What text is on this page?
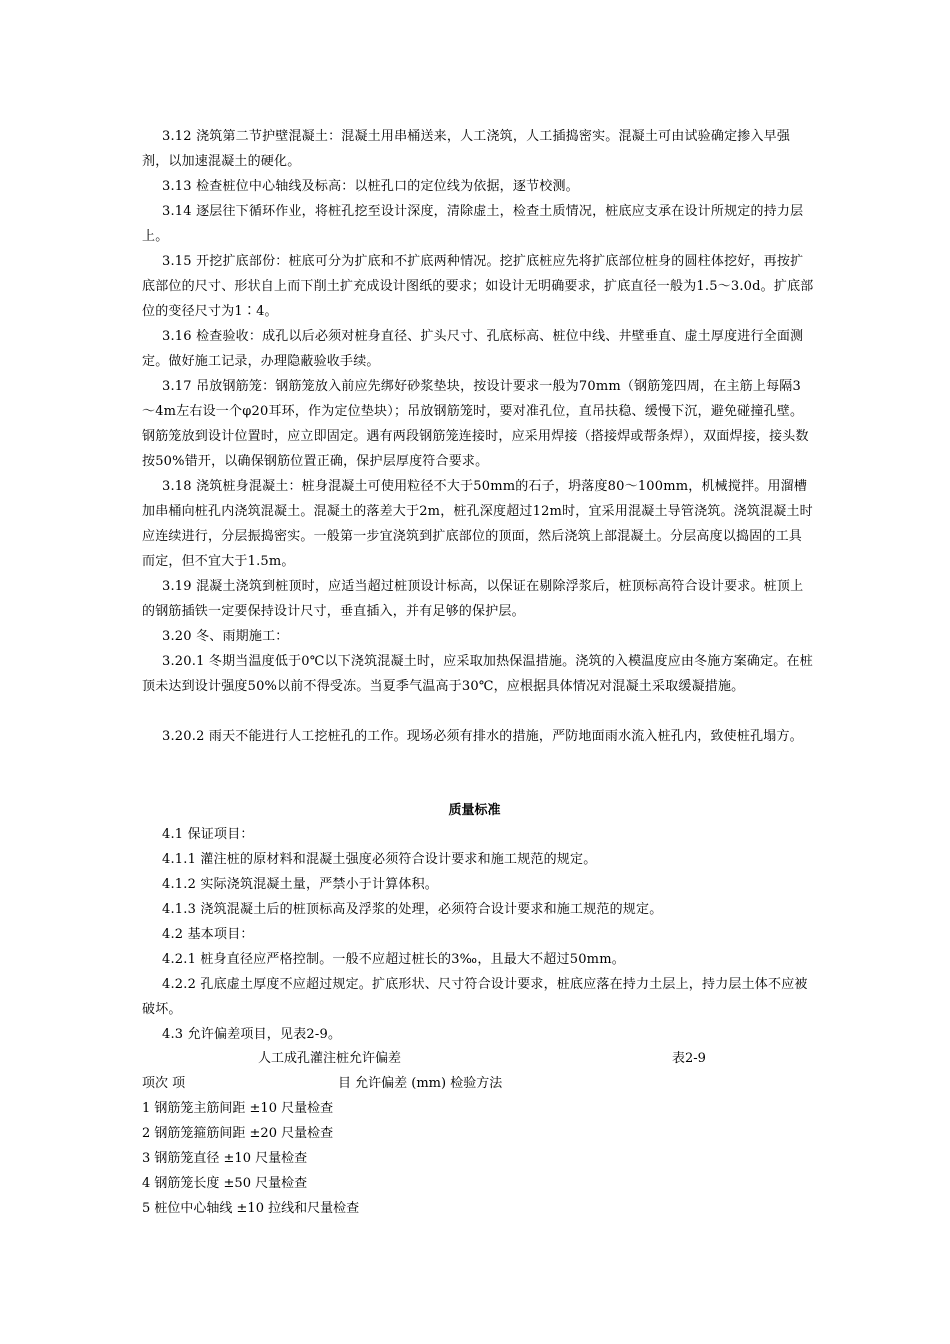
3.12 浇筑第二节护壁混凝土：混凝土用串桶送来，人工浇筑，人工插捣密实。混凝土可由试验确定掺入早强剂，以加速混凝土的硬化。

3.13 检查桩位中心轴线及标高：以桩孔口的定位线为依据，逐节校测。

3.14 逐层往下循环作业，将桩孔挖至设计深度，清除虚土，检查土质情况，桩底应支承在设计所规定的持力层上。

3.15 开挖扩底部份：桩底可分为扩底和不扩底两种情况。挖扩底桩应先将扩底部位桩身的圆柱体挖好，再按扩底部位的尺寸、形状自上而下削土扩充成设计图纸的要求；如设计无明确要求，扩底直径一般为1.5～3.0d。扩底部位的变径尺寸为1∶4。

3.16 检查验收：成孔以后必须对桩身直径、扩头尺寸、孔底标高、桩位中线、井壁垂直、虚土厚度进行全面测定。做好施工记录，办理隐蔽验收手续。

3.17 吊放钢筋笼：钢筋笼放入前应先绑好砂浆垫块，按设计要求一般为70mm（钢筋笼四周，在主筋上每隔3～4m左右设一个φ20耳环，作为定位垫块）；吊放钢筋笼时，要对准孔位，直吊扶稳、缓慢下沉，避免碰撞孔壁。钢筋笼放到设计位置时，应立即固定。遇有两段钢筋笼连接时，应采用焊接（搭接焊或帮条焊），双面焊接，接头数按50%错开，以确保钢筋位置正确，保护层厚度符合要求。

3.18 浇筑桩身混凝土：桩身混凝土可使用粒径不大于50mm的石子，坍落度80～100mm，机械搅拌。用溜槽加串桶向桩孔内浇筑混凝土。混凝土的落差大于2m，桩孔深度超过12m时，宜采用混凝土导管浇筑。浇筑混凝土时应连续进行，分层振捣密实。一般第一步宜浇筑到扩底部位的顶面，然后浇筑上部混凝土。分层高度以捣固的工具而定，但不宜大于1.5m。

3.19 混凝土浇筑到桩顶时，应适当超过桩顶设计标高，以保证在剔除浮浆后，桩顶标高符合设计要求。桩顶上的钢筋插铁一定要保持设计尺寸，垂直插入，并有足够的保护层。

3.20 冬、雨期施工：

3.20.1 冬期当温度低于0℃以下浇筑混凝土时，应采取加热保温措施。浇筑的入模温度应由冬施方案确定。在桩顶未达到设计强度50%以前不得受冻。当夏季气温高于30℃，应根据具体情况对混凝土采取缓凝措施。

3.20.2 雨天不能进行人工挖桩孔的工作。现场必须有排水的措施，严防地面雨水流入桩孔内，致使桩孔塌方。

质量标准

4.1 保证项目：

4.1.1 灌注桩的原材料和混凝土强度必须符合设计要求和施工规范的规定。

4.1.2 实际浇筑混凝土量，严禁小于计算体积。

4.1.3 浇筑混凝土后的桩顶标高及浮浆的处理，必须符合设计要求和施工规范的规定。

4.2 基本项目：

4.2.1 桩身直径应严格控制。一般不应超过桩长的3‰，且最大不超过50mm。

4.2.2 孔底虚土厚度不应超过规定。扩底形状、尺寸符合设计要求，桩底应落在持力土层上，持力层土体不应被破坏。

4.3 允许偏差项目，见表2-9。

人工成孔灌注桩允许偏差	表2-9
项次 项	目 允许偏差 (mm) 检验方法
1 钢筋笼主筋间距 ±10 尺量检查
2 钢筋笼箍筋间距 ±20 尺量检查
3 钢筋笼直径 ±10 尺量检查
4 钢筋笼长度 ±50 尺量检查
5 桩位中心轴线 ±10 拉线和尺量检查
